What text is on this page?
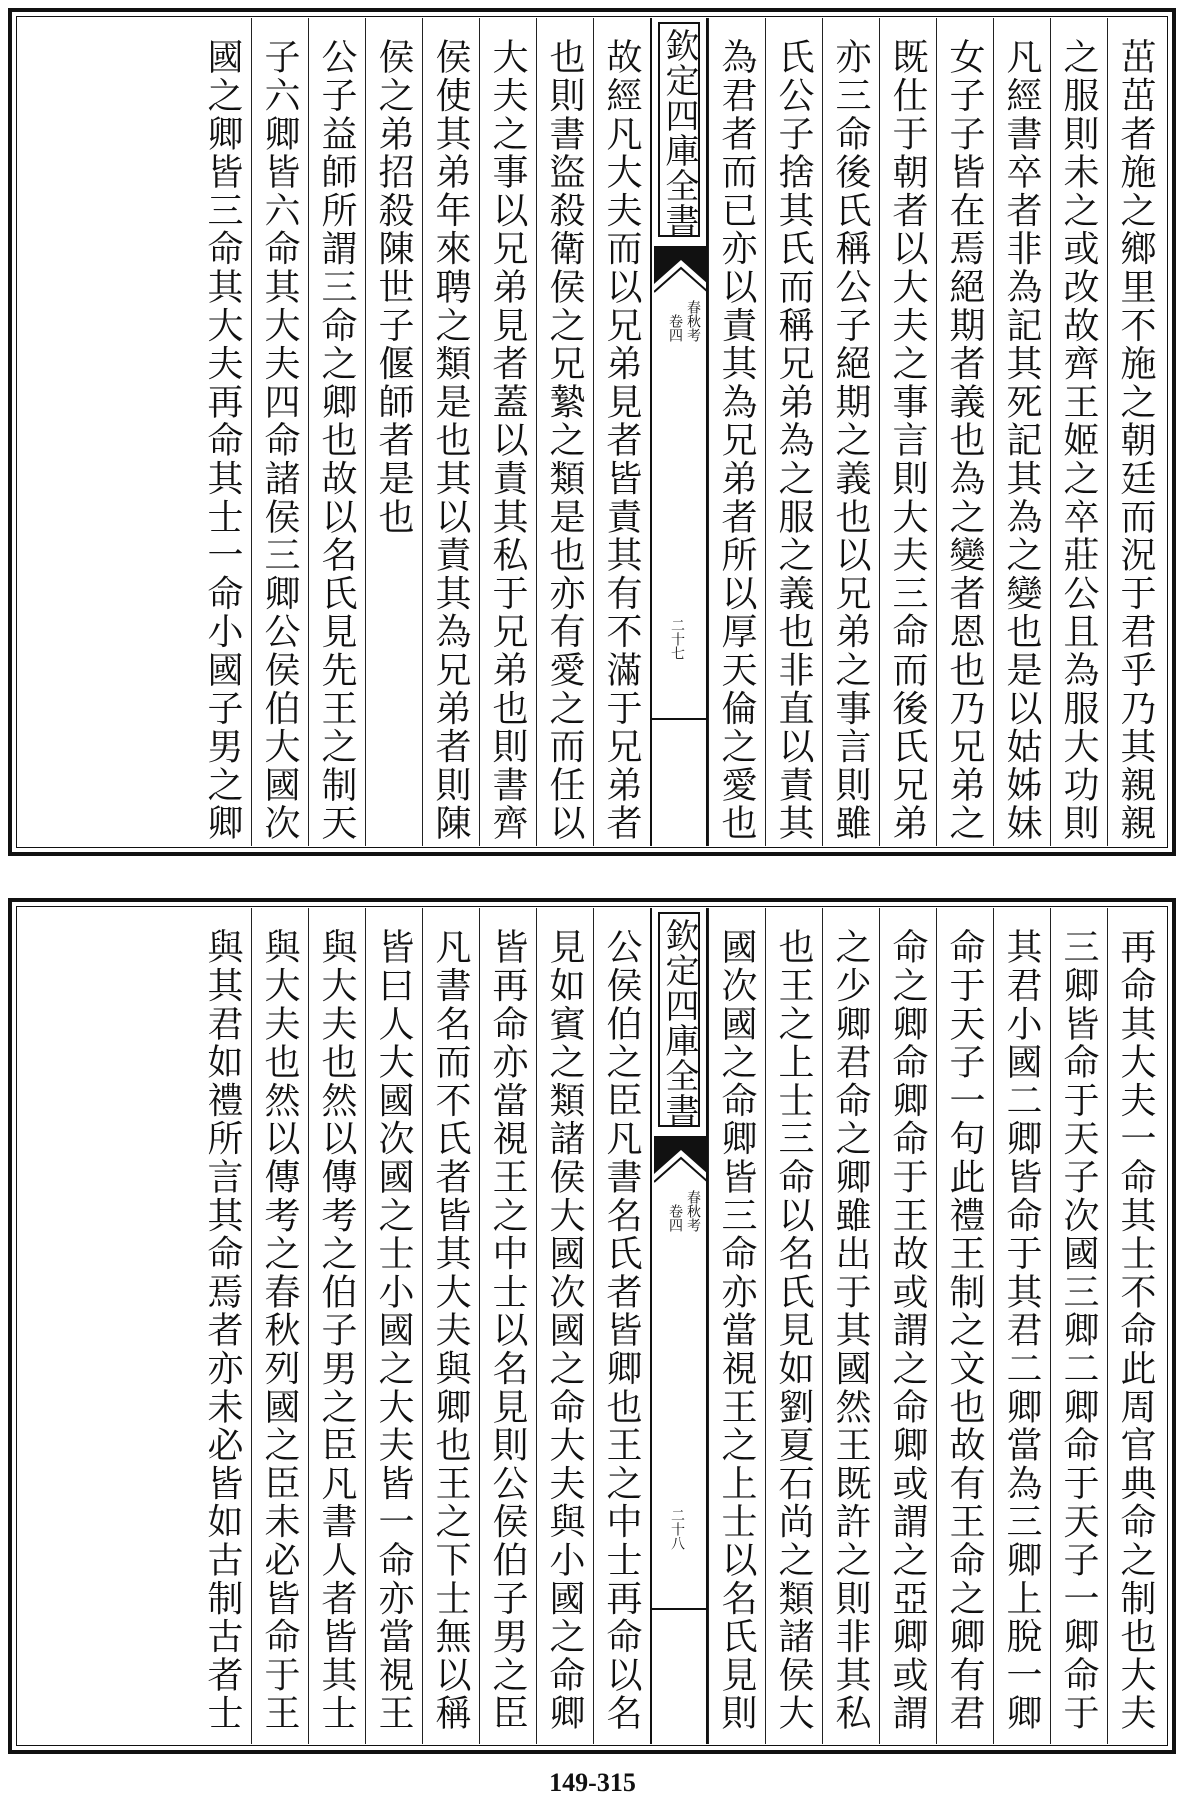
茁茁者施之鄉里不施之朝廷而況于君乎乃其親親
之服則未之或改故齊王姬之卒莊公且為服大功則
凡經書卒者非為記其死記其為之變也是以姑姊妹
女子子皆在焉絕期者義也為之變者恩也乃兄弟之
既仕于朝者以大夫之事言則大夫三命而後氏兄弟
亦三命後氏稱公子絕期之義也以兄弟之事言則雖
氏公子捨其氏而稱兄弟為之服之義也非直以責其
為君者而已亦以責其為兄弟者所以厚天倫之愛也
欽定四庫全書
春秋考
卷四
二十七
故經凡大夫而以兄弟見者皆責其有不滿于兄弟者
也則書盜殺衛侯之兄縶之類是也亦有愛之而任以
大夫之事以兄弟見者蓋以責其私于兄弟也則書齊
侯使其弟年來聘之類是也其以責其為兄弟者則陳
侯之弟招殺陳世子偃師者是也
公子益師所謂三命之卿也故以名氏見先王之制天
子六卿皆六命其大夫四命諸侯三卿公侯伯大國次
國之卿皆三命其大夫再命其士一命小國子男之卿
再命其大夫一命其士不命此周官典命之制也大夫
三卿皆命于天子次國三卿二卿命于天子一卿命于
其君小國二卿皆命于其君二卿當為三卿上脫一卿
命于天子一句此禮王制之文也故有王命之卿有君
命之卿命卿命于王故或謂之命卿或謂之亞卿或謂
之少卿君命之卿雖出于其國然王既許之則非其私
也王之上士三命以名氏見如劉夏石尚之類諸侯大
國次國之命卿皆三命亦當視王之上士以名氏見則
欽定四庫全書
春秋考
卷四
二十八
公侯伯之臣凡書名氏者皆卿也王之中士再命以名
見如賓之類諸侯大國次國之命大夫與小國之命卿
皆再命亦當視王之中士以名見則公侯伯子男之臣
凡書名而不氏者皆其大夫與卿也王之下士無以稱
皆曰人大國次國之士小國之大夫皆一命亦當視王
與大夫也然以傳考之伯子男之臣凡書人者皆其士
與大夫也然以傳考之春秋列國之臣未必皆命于王
與其君如禮所言其命焉者亦未必皆如古制古者士
149-315
